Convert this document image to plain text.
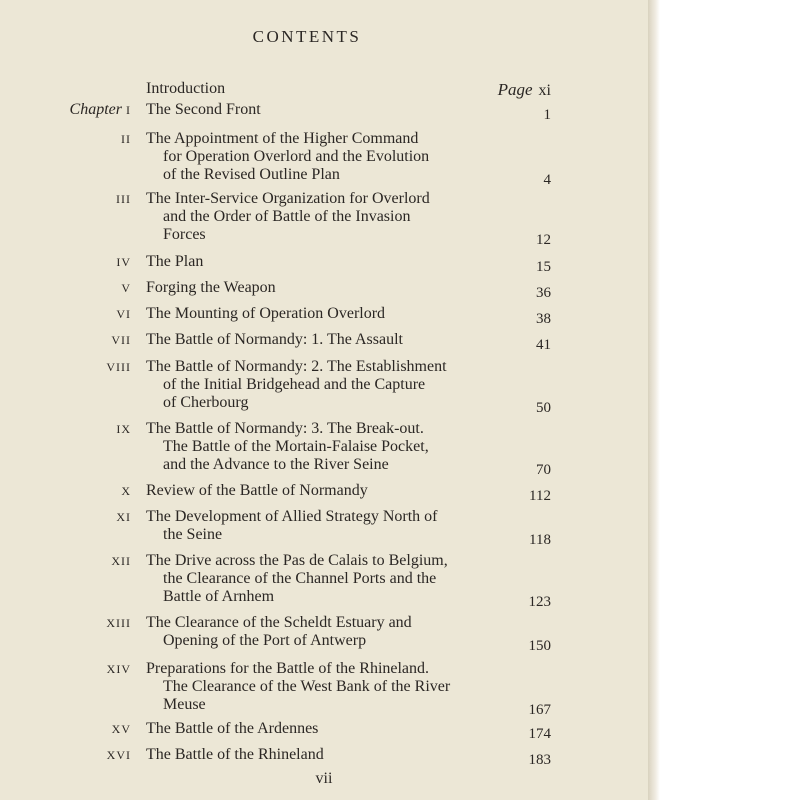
CONTENTS
Introduction	Page xi
Chapter I The Second Front	1
II The Appointment of the Higher Command
for Operation Overlord and the Evolution
of the Revised Outline Plan	4
III The Inter-Service Organization for Overlord
and the Order of Battle of the Invasion
Forces	12
IV The Plan	15
V Forging the Weapon	36
VI The Mounting of Operation Overlord	38
VII The Battle of Normandy: 1. The Assault	41
VIII The Battle of Normandy: 2. The Establishment
of the Initial Bridgehead and the Capture
of Cherbourg	50
IX The Battle of Normandy: 3. The Break-out.
The Battle of the Mortain-Falaise Pocket,
and the Advance to the River Seine	70
X Review of the Battle of Normandy	112
XI The Development of Allied Strategy North of
the Seine	118
XII The Drive across the Pas de Calais to Belgium,
the Clearance of the Channel Ports and the
Battle of Arnhem	123
XIII The Clearance of the Scheldt Estuary and
Opening of the Port of Antwerp	150
XIV Preparations for the Battle of the Rhineland.
The Clearance of the West Bank of the River
Meuse	167
XV The Battle of the Ardennes	174
XVI The Battle of the Rhineland	183
vii
